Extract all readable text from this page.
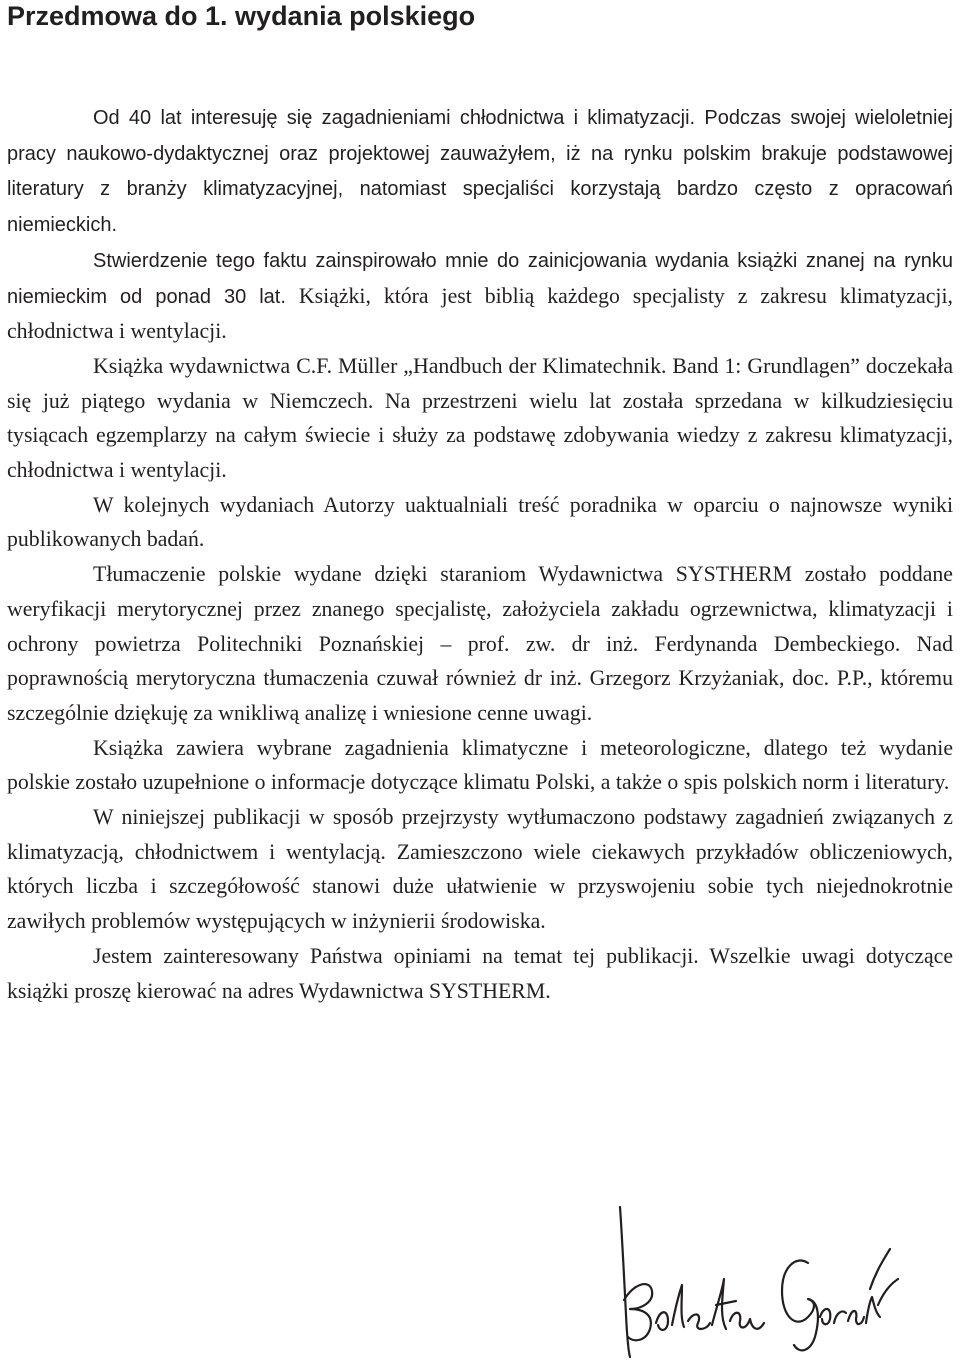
Przedmowa do 1. wydania polskiego

Od 40 lat interesuję się zagadnieniami chłodnictwa i klimatyzacji. Podczas swojej wieloletniej pracy naukowo-dydaktycznej oraz projektowej zauważyłem, iż na rynku polskim brakuje podstawowej literatury z branży klimatyzacyjnej, natomiast specjaliści korzystają bardzo często z opracowań niemieckich.

Stwierdzenie tego faktu zainspirowało mnie do zainicjowania wydania książki znanej na rynku niemieckim od ponad 30 lat. Książki, która jest biblią każdego specjalisty z zakresu klimatyzacji, chłodnictwa i wentylacji.

Książka wydawnictwa C.F. Müller „Handbuch der Klimatechnik. Band 1: Grundlagen” doczekała się już piątego wydania w Niemczech. Na przestrzeni wielu lat została sprzedana w kilkudziesięciu tysiącach egzemplarzy na całym świecie i służy za podstawę zdobywania wiedzy z zakresu klimatyzacji, chłodnictwa i wentylacji.

W kolejnych wydaniach Autorzy uaktualniali treść poradnika w oparciu o najnowsze wyniki publikowanych badań.

Tłumaczenie polskie wydane dzięki staraniom Wydawnictwa SYSTHERM zostało poddane weryfikacji merytorycznej przez znanego specjalistę, założyciela zakładu ogrzewnictwa, klimatyzacji i ochrony powietrza Politechniki Poznańskiej – prof. zw. dr inż. Ferdynanda Dembeckiego. Nad poprawnością merytoryczna tłumaczenia czuwał również dr inż. Grzegorz Krzyżaniak, doc. P.P., któremu szczególnie dziękuję za wnikliwą analizę i wniesione cenne uwagi.

Książka zawiera wybrane zagadnienia klimatyczne i meteorologiczne, dlatego też wydanie polskie zostało uzupełnione o informacje dotyczące klimatu Polski, a także o spis polskich norm i literatury.

W niniejszej publikacji w sposób przejrzysty wytłumaczono podstawy zagadnień związanych z klimatyzacją, chłodnictwem i wentylacją. Zamieszczono wiele ciekawych przykładów obliczeniowych, których liczba i szczegółowość stanowi duże ułatwienie w przyswojeniu sobie tych niejednokrotnie zawiłych problemów występujących w inżynierii środowiska.

Jestem zainteresowany Państwa opiniami na temat tej publikacji. Wszelkie uwagi dotyczące książki proszę kierować na adres Wydawnictwa SYSTHERM.
